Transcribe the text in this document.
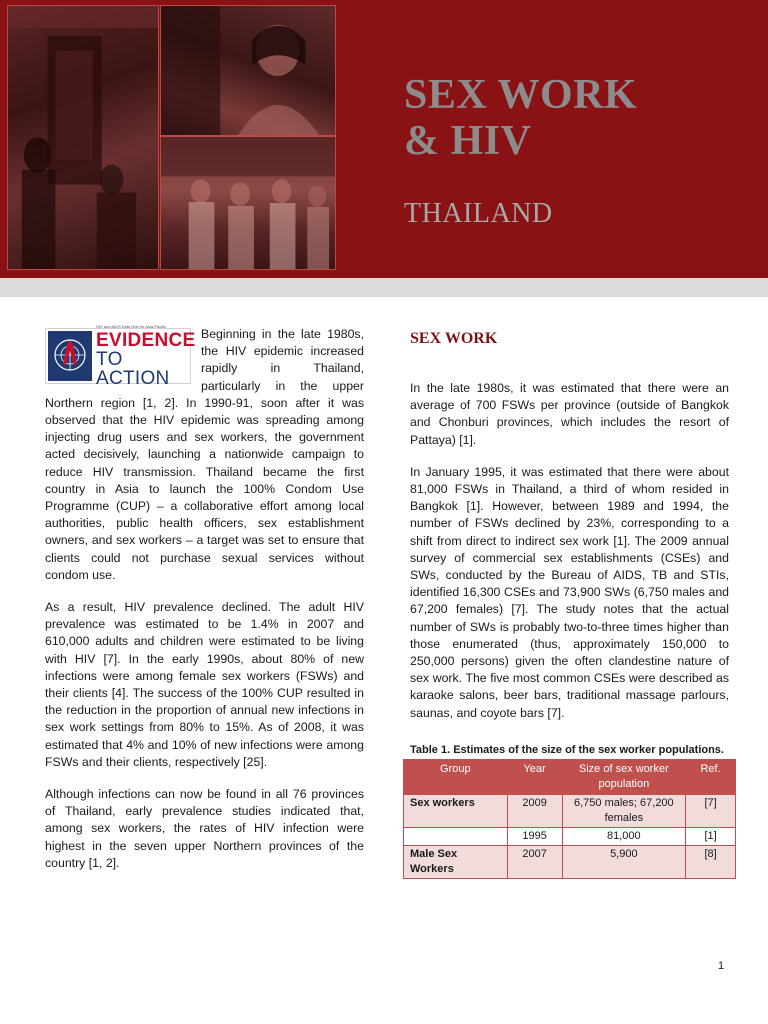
SEX WORK
& HIV
THAILAND
HIV and AIDS Data Hub for Asia-Pacific
EVIDENCE
TO ACTION

Beginning in the late 1980s, the HIV epidemic increased rapidly in Thailand, particularly in the upper Northern region [1, 2]. In 1990-91, soon after it was observed that the HIV epidemic was spreading among injecting drug users and sex workers, the government acted decisively, launching a nationwide campaign to reduce HIV transmission. Thailand became the first country in Asia to launch the 100% Condom Use Programme (CUP) – a collaborative effort among local authorities, public health officers, sex establishment owners, and sex workers – a target was set to ensure that clients could not purchase sexual services without condom use.

As a result, HIV prevalence declined. The adult HIV prevalence was estimated to be 1.4% in 2007 and 610,000 adults and children were estimated to be living with HIV [7]. In the early 1990s, about 80% of new infections were among female sex workers (FSWs) and their clients [4]. The success of the 100% CUP resulted in the reduction in the proportion of annual new infections in sex work settings from 80% to 15%. As of 2008, it was estimated that 4% and 10% of new infections were among FSWs and their clients, respectively [25].

Although infections can now be found in all 76 provinces of Thailand, early prevalence studies indicated that, among sex workers, the rates of HIV infection were highest in the seven upper Northern provinces of the country [1, 2].

SEX WORK

In the late 1980s, it was estimated that there were an average of 700 FSWs per province (outside of Bangkok and Chonburi provinces, which includes the resort of Pattaya) [1].

In January 1995, it was estimated that there were about 81,000 FSWs in Thailand, a third of whom resided in Bangkok [1]. However, between 1989 and 1994, the number of FSWs declined by 23%, corresponding to a shift from direct to indirect sex work [1]. The 2009 annual survey of commercial sex establishments (CSEs) and SWs, conducted by the Bureau of AIDS, TB and STIs, identified 16,300 CSEs and 73,900 SWs (6,750 males and 67,200 females) [7]. The study notes that the actual number of SWs is probably two-to-three times higher than those enumerated (thus, approximately 150,000 to 250,000 persons) given the often clandestine nature of sex work. The five most common CSEs were described as karaoke salons, beer bars, traditional massage parlours, saunas, and coyote bars [7].

Table 1. Estimates of the size of the sex worker populations.
Group	Year	Size of sex worker population	Ref.
Sex workers	2009	6,750 males; 67,200 females	[7]
	1995	81,000	[1]
Male Sex Workers	2007	5,900	[8]
1
